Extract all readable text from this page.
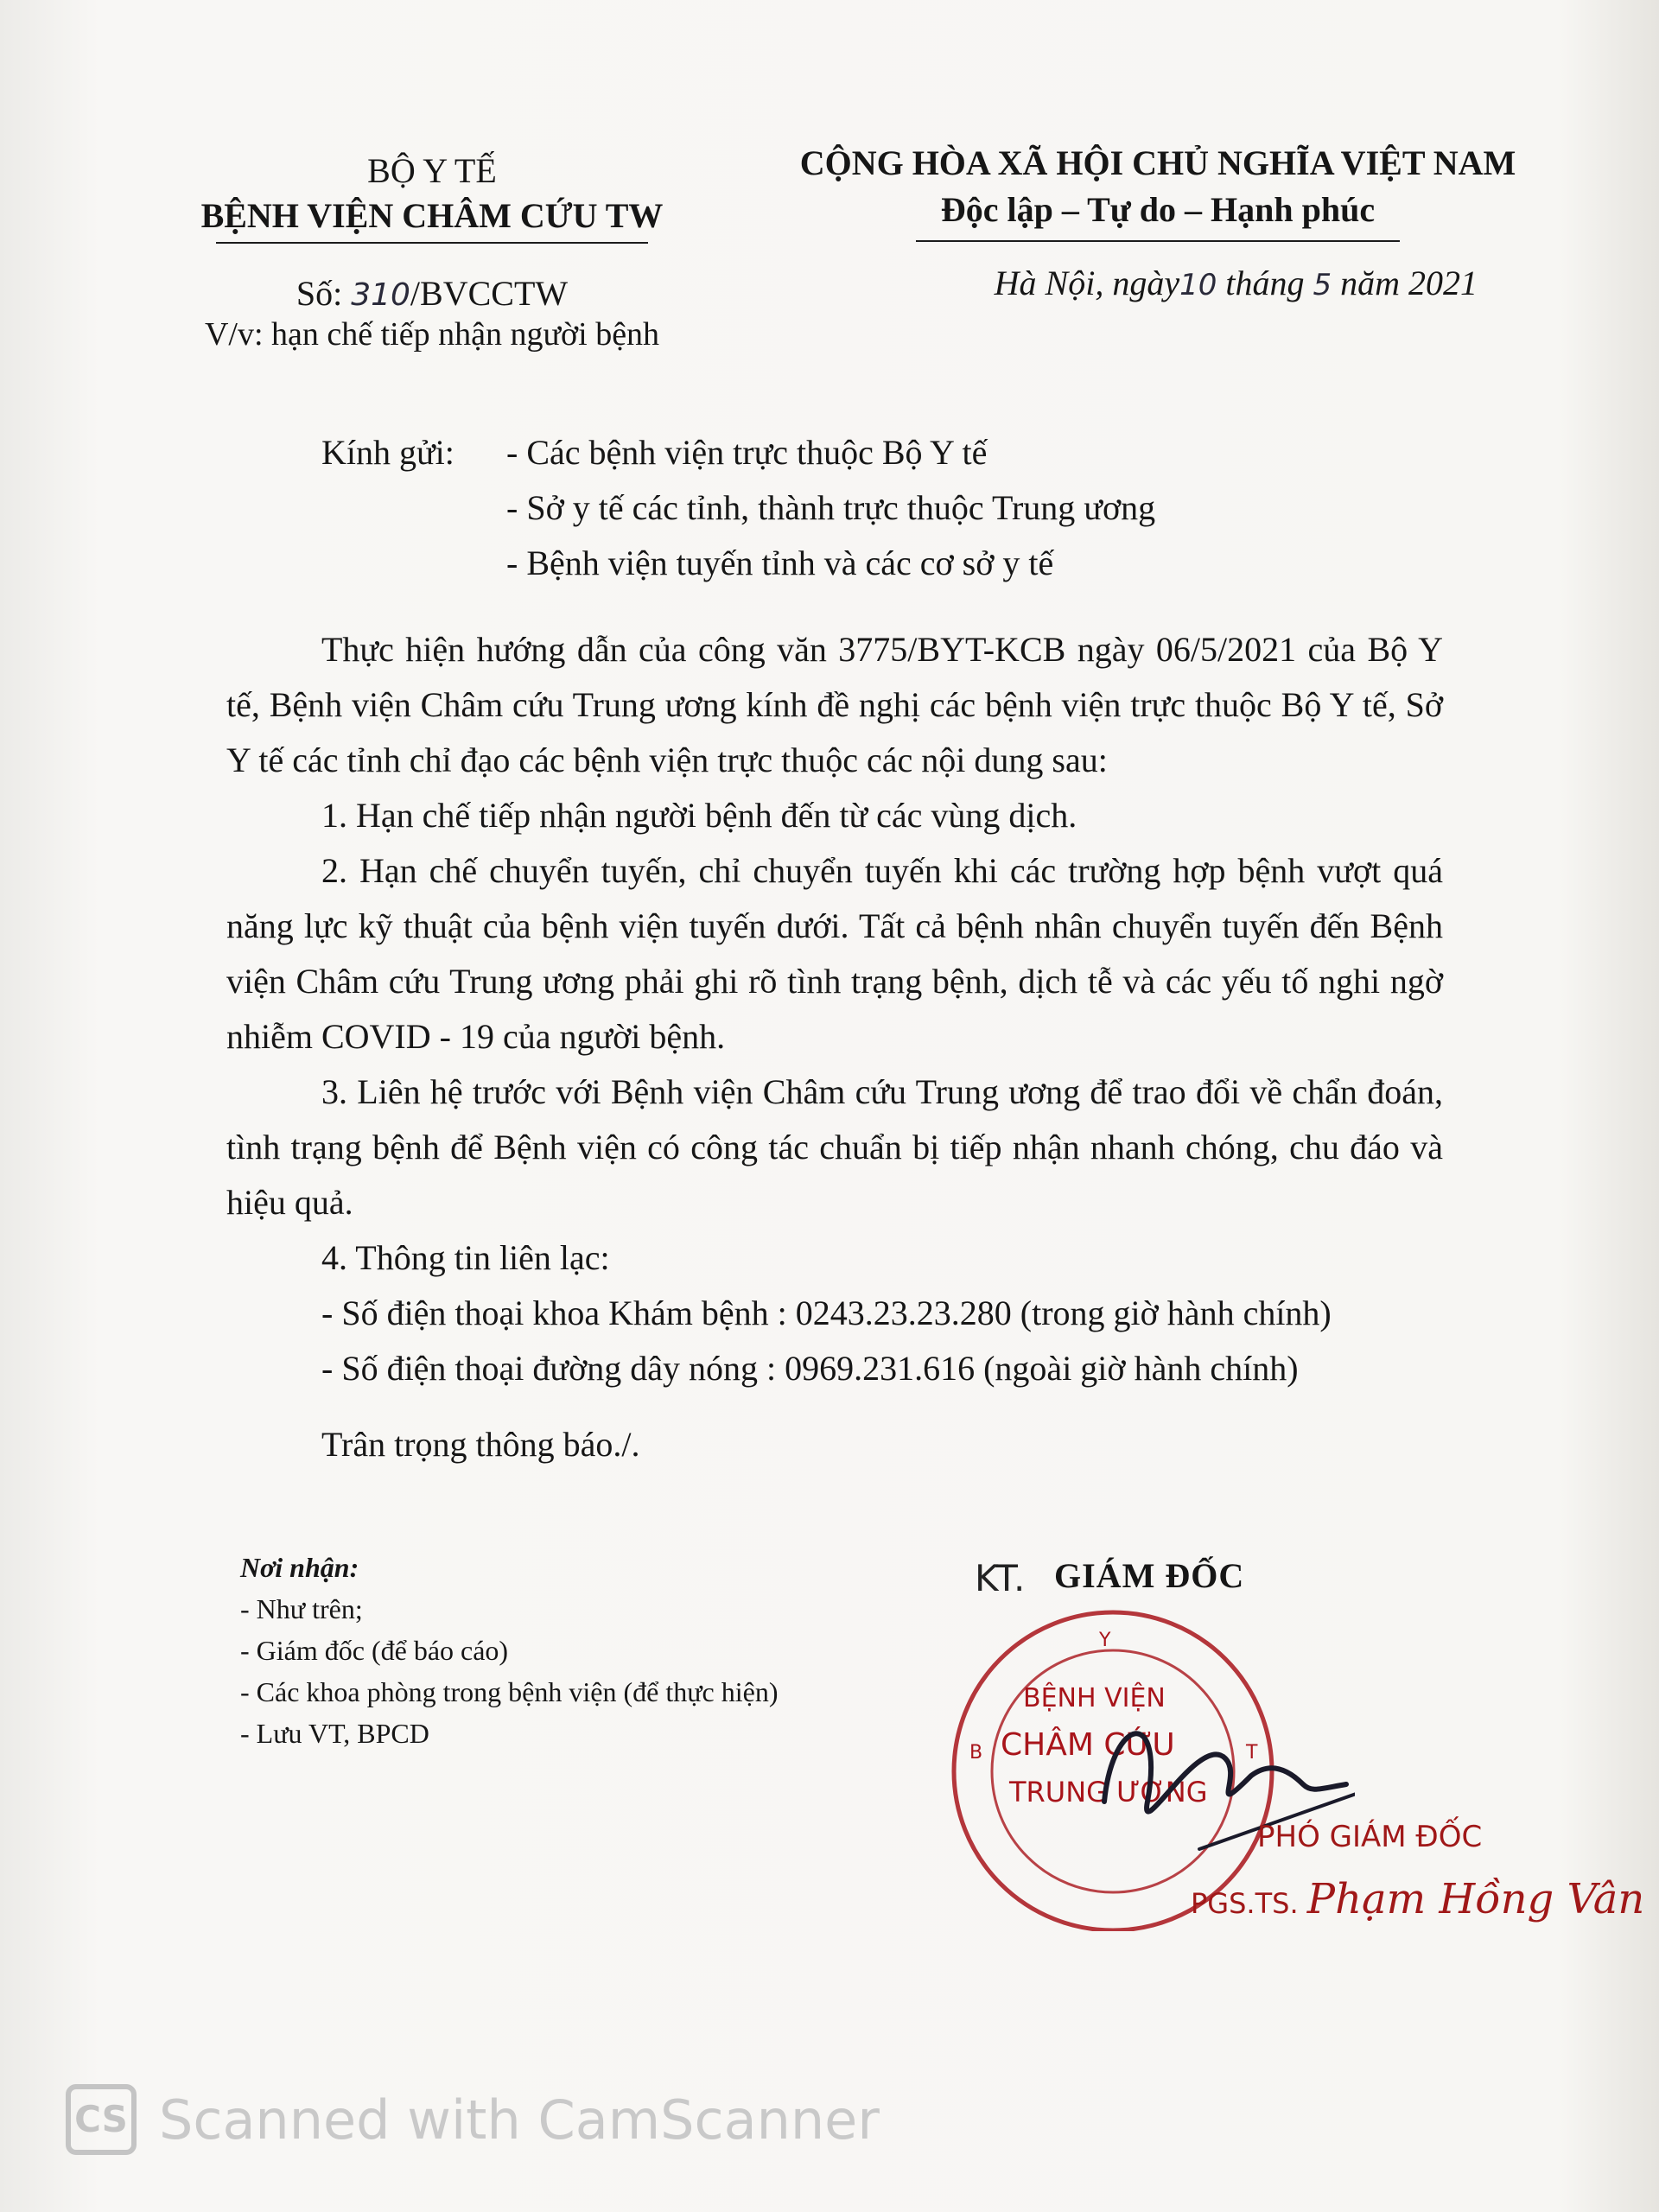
BỘ Y TẾ
BỆNH VIỆN CHÂM CỨU TW
CỘNG HÒA XÃ HỘI CHỦ NGHĨA VIỆT NAM
Độc lập – Tự do – Hạnh phúc
Số: 310/BVCCTW
V/v: hạn chế tiếp nhận người bệnh
Hà Nội, ngày10 tháng 5 năm 2021
Kính gửi: - Các bệnh viện trực thuộc Bộ Y tế
- Sở y tế các tỉnh, thành trực thuộc Trung ương
- Bệnh viện tuyến tỉnh và các cơ sở y tế

Thực hiện hướng dẫn của công văn 3775/BYT-KCB ngày 06/5/2021 của Bộ Y tế, Bệnh viện Châm cứu Trung ương kính đề nghị các bệnh viện trực thuộc Bộ Y tế, Sở Y tế các tỉnh chỉ đạo các bệnh viện trực thuộc các nội dung sau:

1. Hạn chế tiếp nhận người bệnh đến từ các vùng dịch.

2. Hạn chế chuyển tuyến, chỉ chuyển tuyến khi các trường hợp bệnh vượt quá năng lực kỹ thuật của bệnh viện tuyến dưới. Tất cả bệnh nhân chuyển tuyến đến Bệnh viện Châm cứu Trung ương phải ghi rõ tình trạng bệnh, dịch tễ và các yếu tố nghi ngờ nhiễm COVID - 19 của người bệnh.

3. Liên hệ trước với Bệnh viện Châm cứu Trung ương để trao đổi về chẩn đoán, tình trạng bệnh để Bệnh viện có công tác chuẩn bị tiếp nhận nhanh chóng, chu đáo và hiệu quả.

4. Thông tin liên lạc:

- Số điện thoại khoa Khám bệnh : 0243.23.23.280 (trong giờ hành chính)

- Số điện thoại đường dây nóng : 0969.231.616 (ngoài giờ hành chính)

Trân trọng thông báo./.

Nơi nhận:
- Như trên;
- Giám đốc (để báo cáo)
- Các khoa phòng trong bệnh viện (để thực hiện)
- Lưu VT, BPCD
KT. GIÁM ĐỐC
Y
B	T
BỆNH VIỆN
CHÂM CỨU
TRUNG ƯƠNG
PHÓ GIÁM ĐỐC
PGS.TS. Phạm Hồng Vân
CS Scanned with CamScanner
